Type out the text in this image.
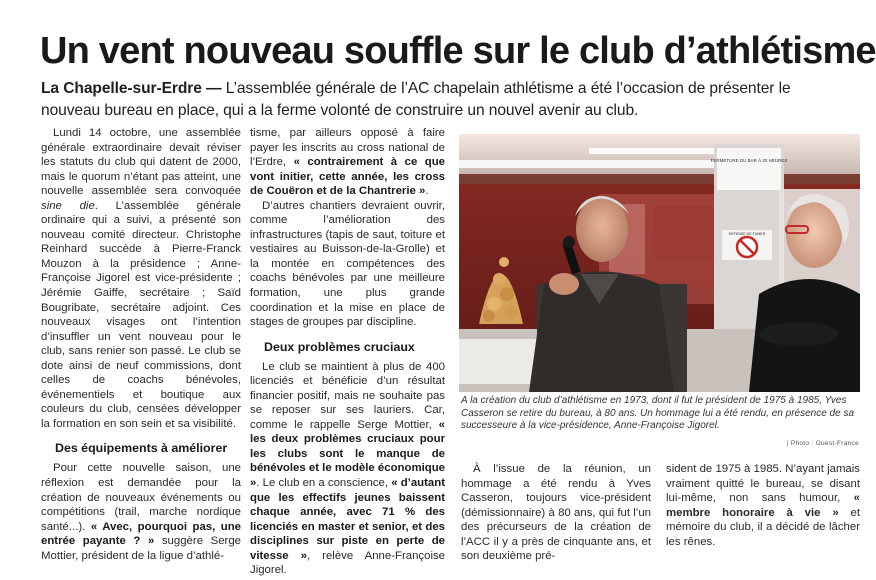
Un vent nouveau souffle sur le club d’athlétisme

La Chapelle-sur-Erdre — L’assemblée générale de l’AC chapelain athlétisme a été l’occasion de présenter le nouveau bureau en place, qui a la ferme volonté de construire un nouvel avenir au club.

Lundi 14 octobre, une assemblée générale extraordinaire devait réviser les statuts du club qui datent de 2000, mais le quorum n’étant pas atteint, une nouvelle assemblée sera convoquée sine die. L’assemblée générale ordinaire qui a suivi, a présenté son nouveau comité directeur. Christophe Reinhard succède à Pierre-Franck Mouzon à la présidence ; Anne-Françoise Jigorel est vice-présidente ; Jérémie Gaiffe, secrétaire ; Saïd Bougribate, secrétaire adjoint. Ces nouveaux visages ont l’intention d’insuffler un vent nouveau pour le club, sans renier son passé. Le club se dote ainsi de neuf commissions, dont celles de coachs bénévoles, événementiels et boutique aux couleurs du club, censées développer la formation en son sein et sa visibilité.

Des équipements à améliorer

Pour cette nouvelle saison, une réflexion est demandée pour la création de nouveaux événements ou compétitions (trail, marche nordique santé...). « Avec, pourquoi pas, une entrée payante ? » suggère Serge Mottier, président de la ligue d’athlé-

tisme, par ailleurs opposé à faire payer les inscrits au cross national de l’Erdre, « contrairement à ce que vont initier, cette année, les cross de Couëron et de la Chantrerie ».

D’autres chantiers devraient ouvrir, comme l’amélioration des infrastructures (tapis de saut, toiture et vestiaires au Buisson-de-la-Grolle) et la montée en compétences des coachs bénévoles par une meilleure formation, une plus grande coordination et la mise en place de stages de groupes par discipline.

Deux problèmes cruciaux

Le club se maintient à plus de 400 licenciés et bénéficie d’un résultat financier positif, mais ne souhaite pas se reposer sur ses lauriers. Car, comme le rappelle Serge Mottier, « les deux problèmes cruciaux pour les clubs sont le manque de bénévoles et le modèle économique ». Le club en a conscience, « d’autant que les effectifs jeunes baissent chaque année, avec 71 % des licenciés en master et senior, et des disciplines sur piste en perte de vitesse », relève Anne-Françoise Jigorel.

FERMETURE DU BAR À 20 HEURES
DÉFENSE DE FUMER

A la création du club d’athlétisme en 1973, dont il fut le président de 1975 à 1985, Yves Casseron se retire du bureau, à 80 ans. Un hommage lui a été rendu, en présence de sa successeure à la vice-présidence, Anne-Françoise Jigorel.

| Photo : Ouest-France

À l’issue de la réunion, un hommage a été rendu à Yves Casseron, toujours vice-président (démissionnaire) à 80 ans, qui fut l’un des précurseurs de la création de l’ACC il y a près de cinquante ans, et son deuxième pré-

sident de 1975 à 1985. N’ayant jamais vraiment quitté le bureau, se disant lui-même, non sans humour, « membre honoraire à vie » et mémoire du club, il a décidé de lâcher les rênes.
